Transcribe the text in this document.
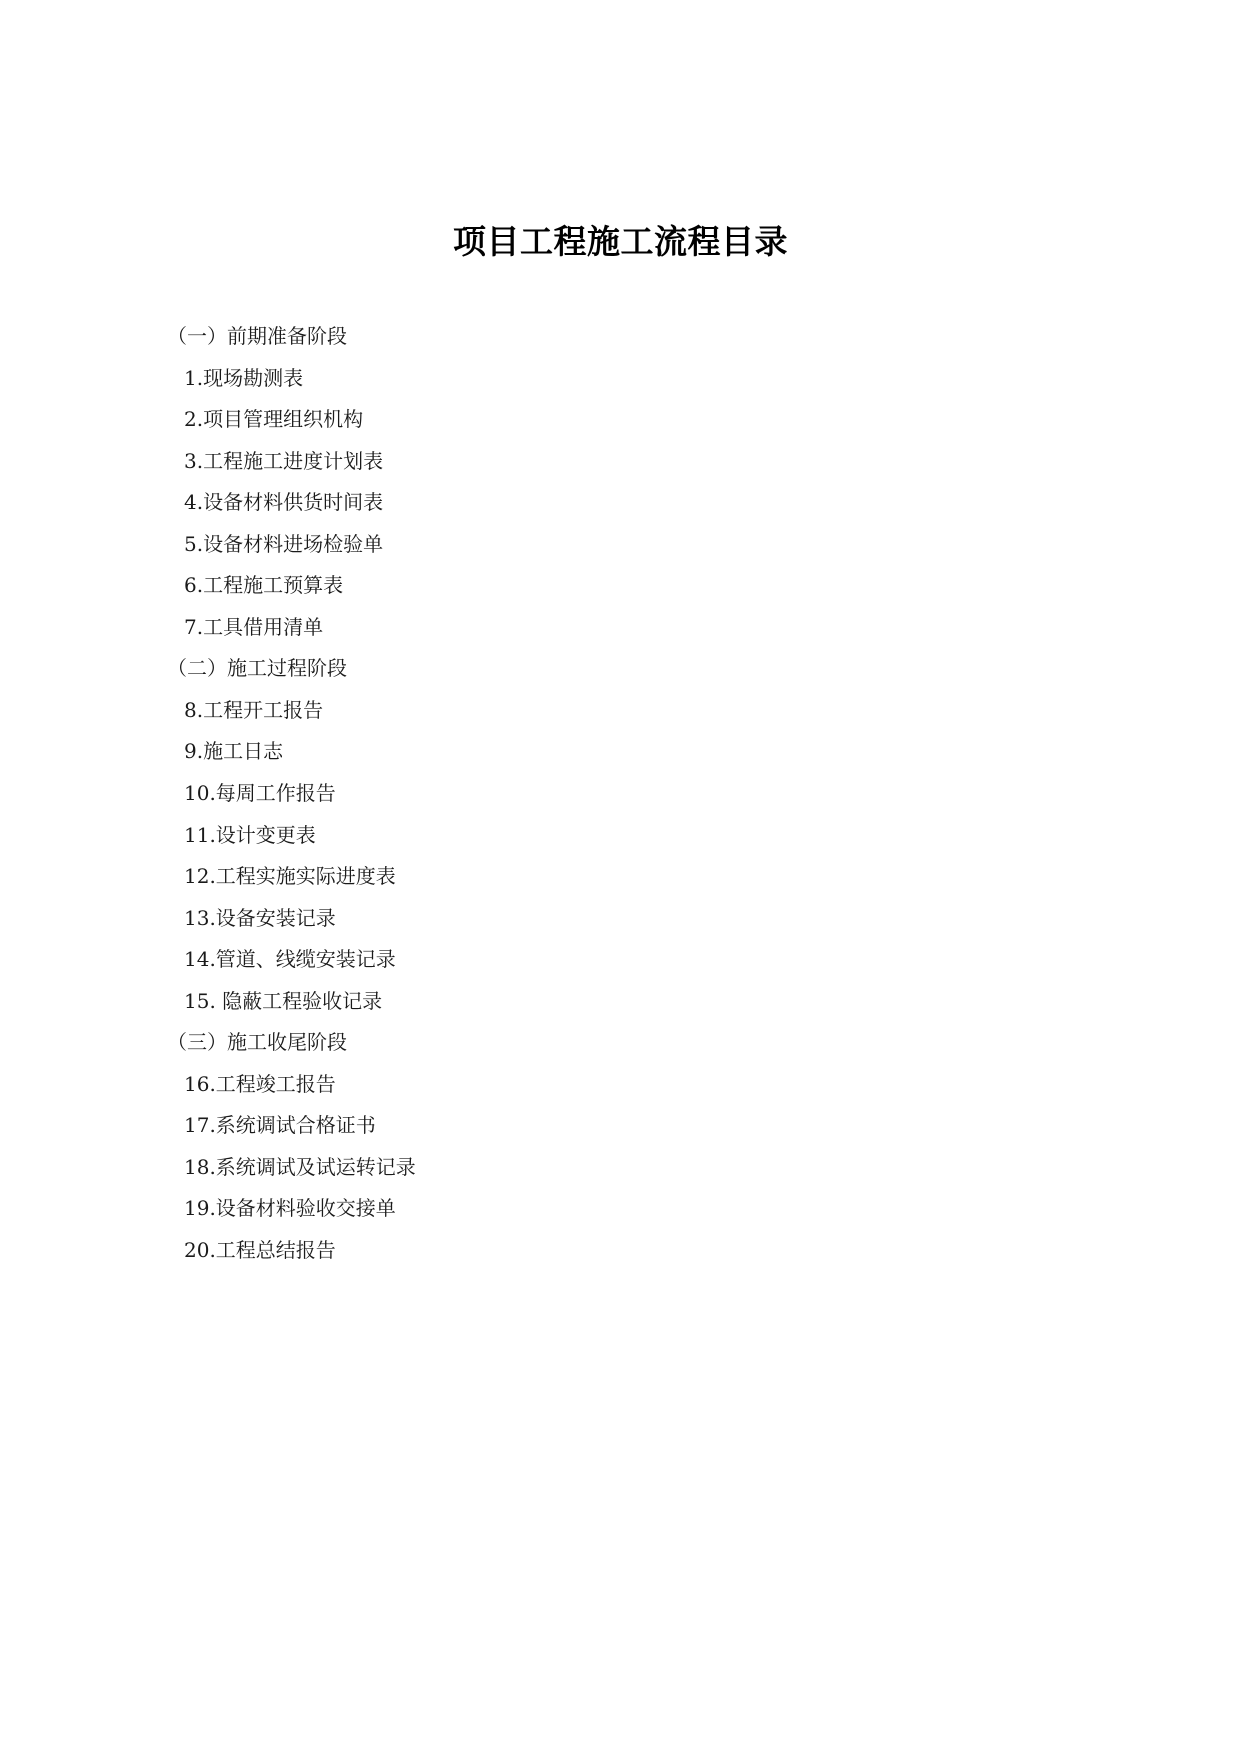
项目工程施工流程目录
（一）前期准备阶段
1.现场勘测表
2.项目管理组织机构
3.工程施工进度计划表
4.设备材料供货时间表
5.设备材料进场检验单
6.工程施工预算表
7.工具借用清单
（二）施工过程阶段
8.工程开工报告
9.施工日志
10.每周工作报告
11.设计变更表
12.工程实施实际进度表
13.设备安装记录
14.管道、线缆安装记录
15. 隐蔽工程验收记录
（三）施工收尾阶段
16.工程竣工报告
17.系统调试合格证书
18.系统调试及试运转记录
19.设备材料验收交接单
20.工程总结报告
